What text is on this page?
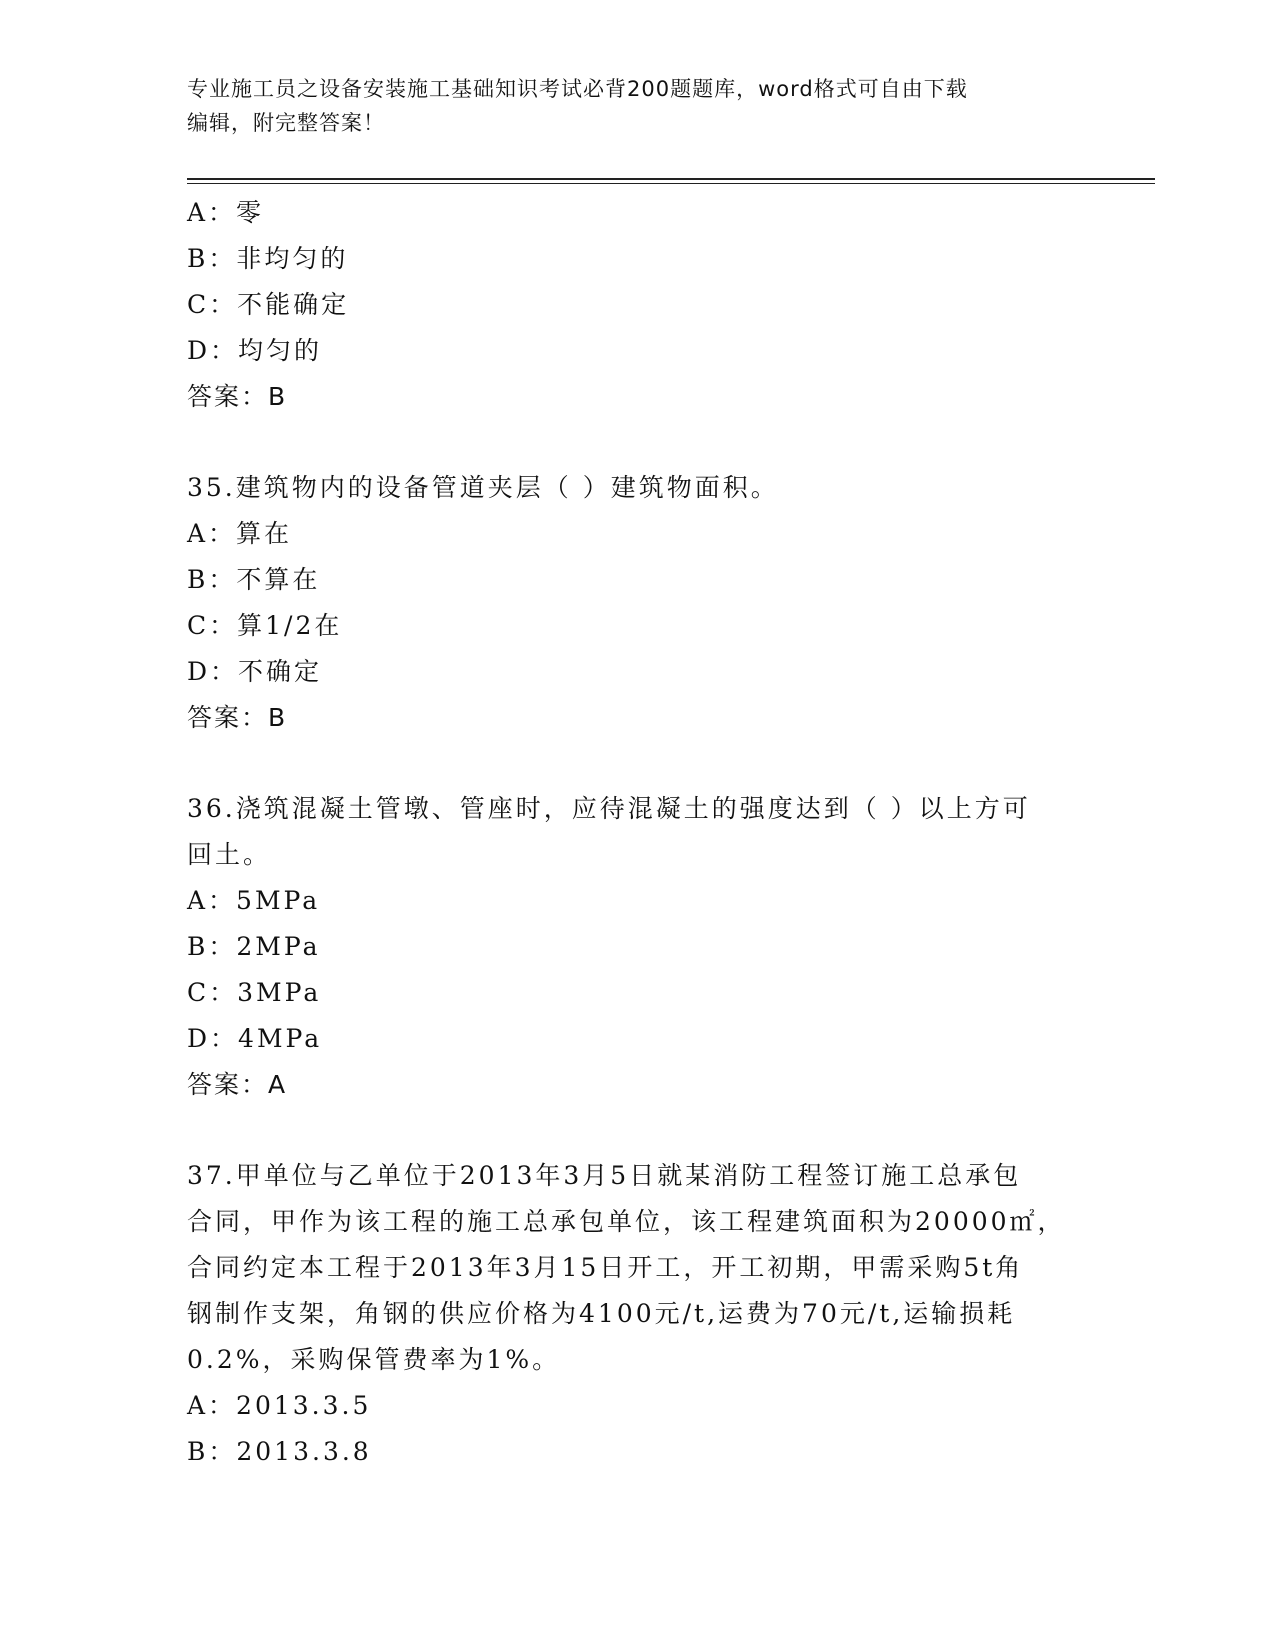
专业施工员之设备安装施工基础知识考试必背200题题库，word格式可自由下载
编辑，附完整答案！
A：零
B：非均匀的
C：不能确定
D：均匀的
答案：B
35.建筑物内的设备管道夹层（ ）建筑物面积。
A：算在
B：不算在
C：算1/2在
D：不确定
答案：B
36.浇筑混凝土管墩、管座时，应待混凝土的强度达到（ ）以上方可
回土。
A：5MPa
B：2MPa
C：3MPa
D：4MPa
答案：A
37.甲单位与乙单位于2013年3月5日就某消防工程签订施工总承包
合同，甲作为该工程的施工总承包单位，该工程建筑面积为20000㎡，
合同约定本工程于2013年3月15日开工，开工初期，甲需采购5t角
钢制作支架，角钢的供应价格为4100元/t,运费为70元/t,运输损耗
0.2%，采购保管费率为1%。
A：2013.3.5
B：2013.3.8
